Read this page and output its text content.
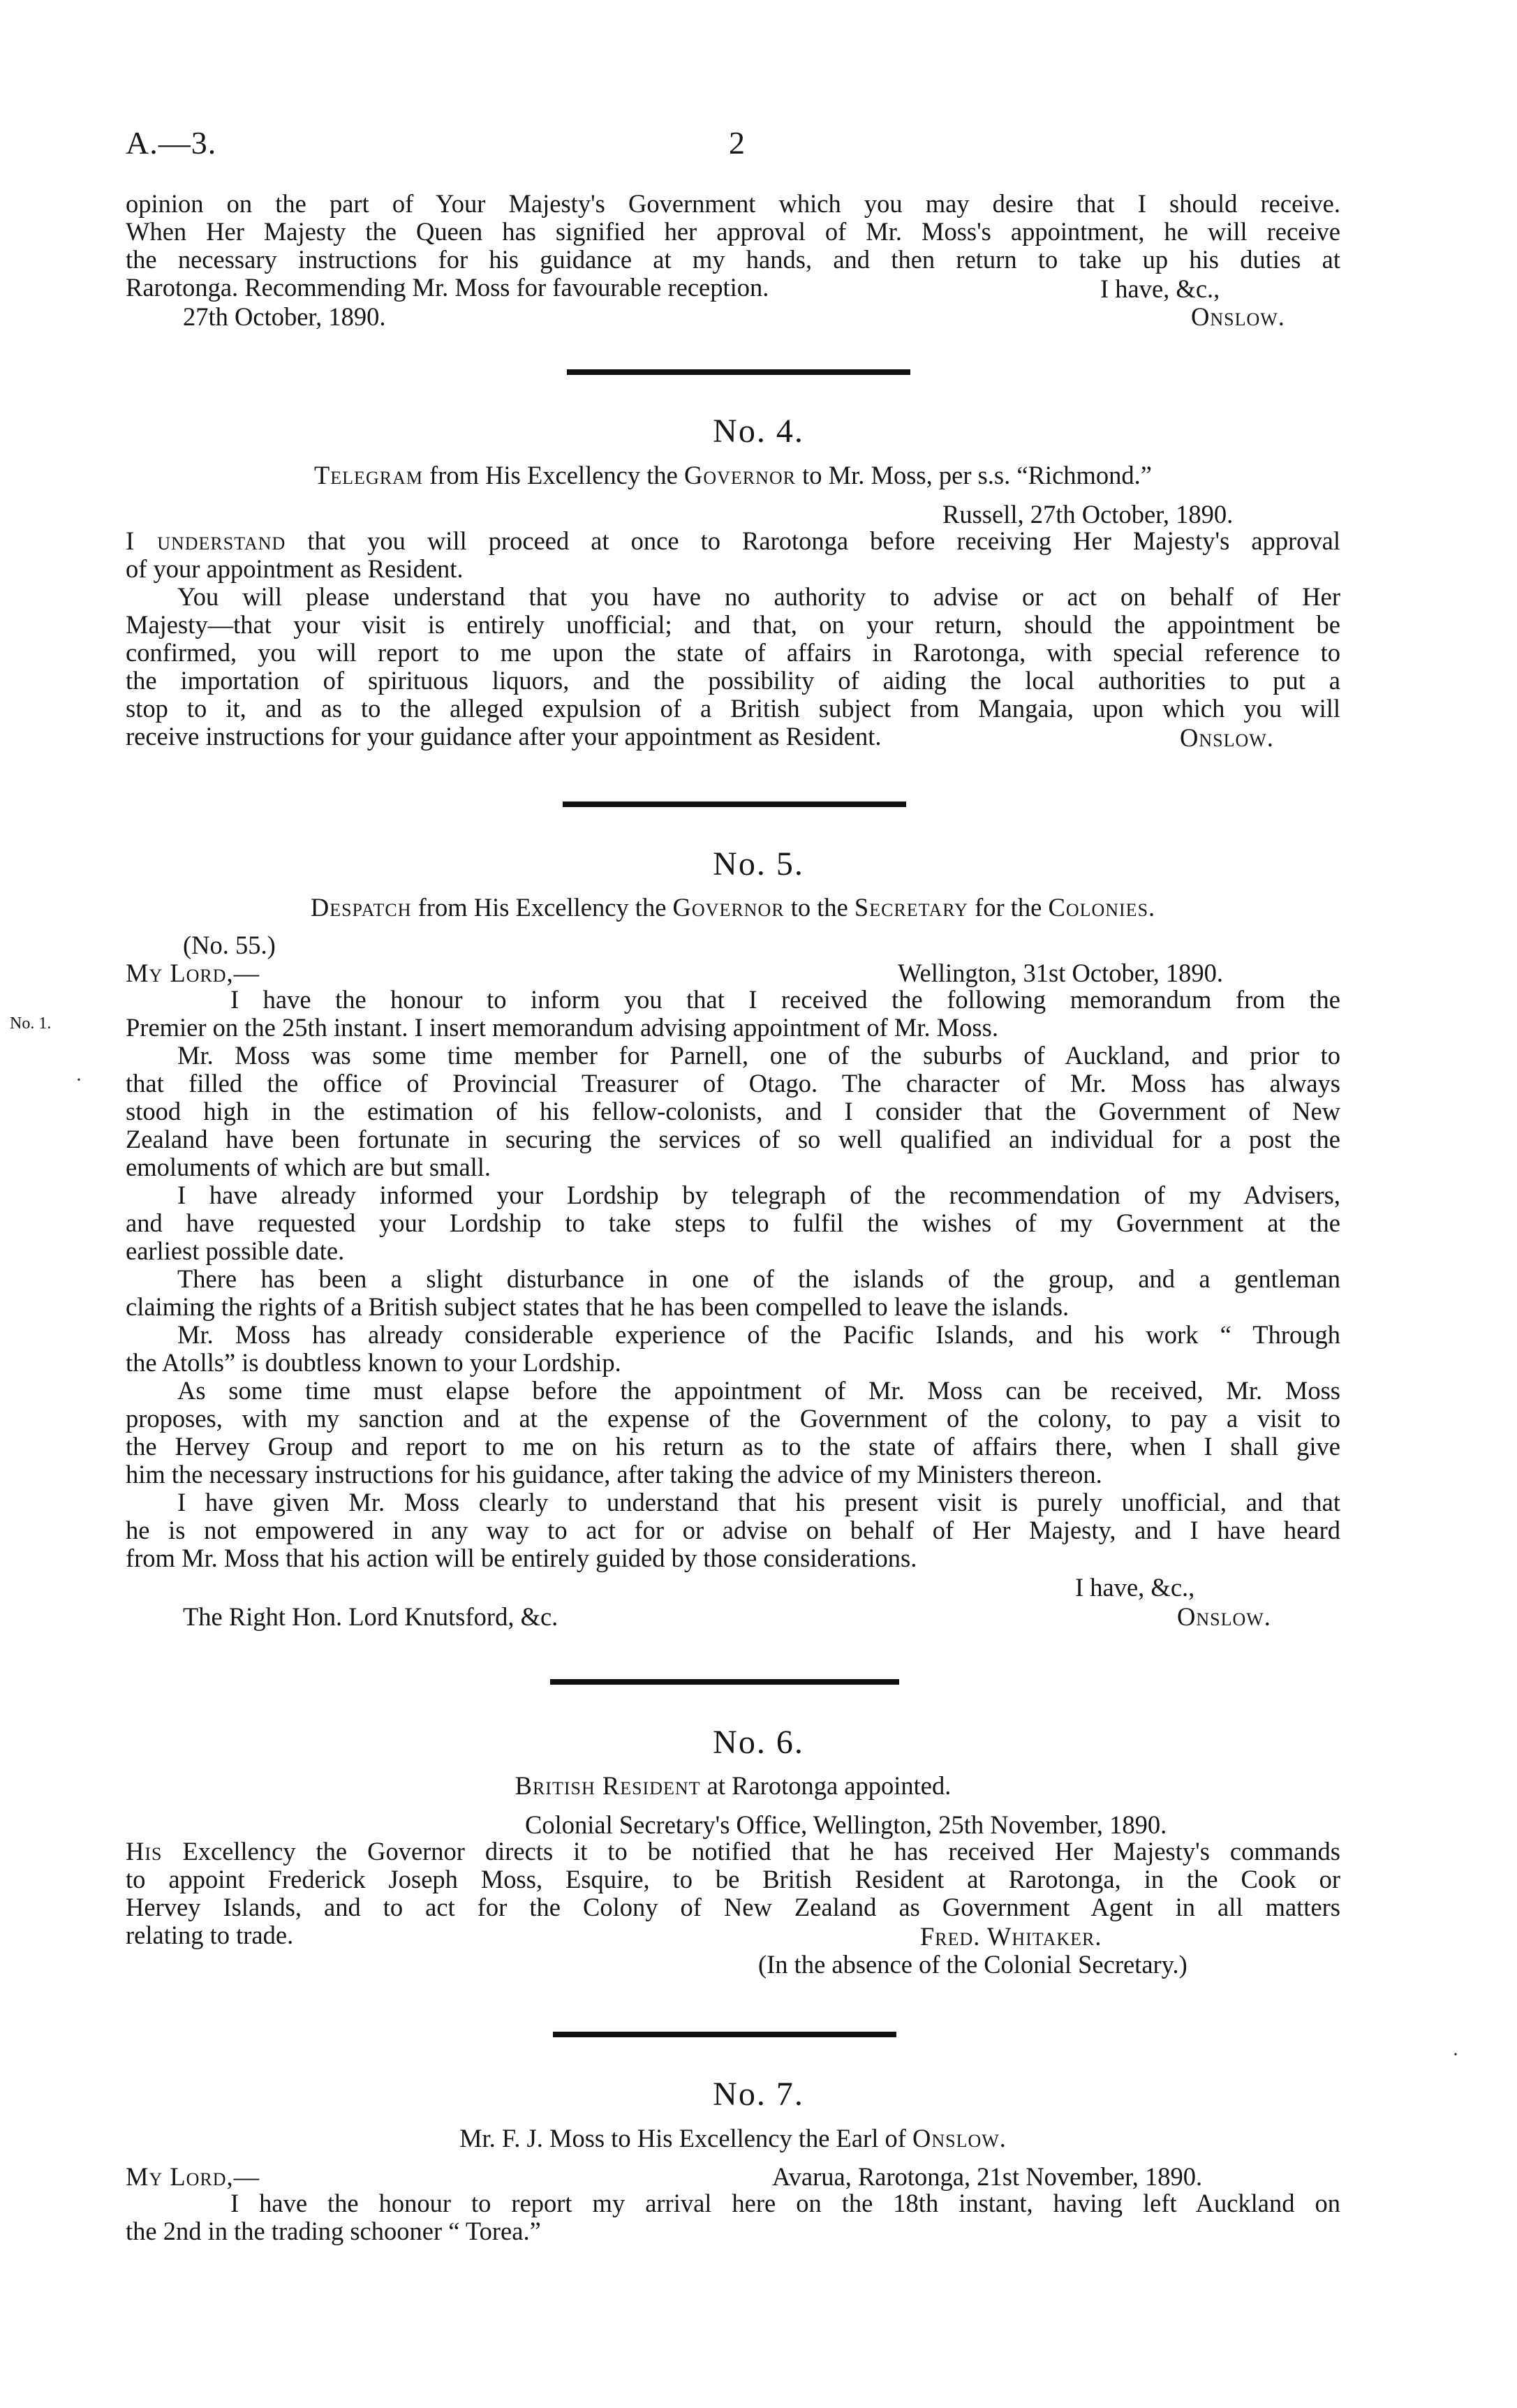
A.—3.	2
opinion on the part of Your Majesty's Government which you may desire that I should receive.
When Her Majesty the Queen has signified her approval of Mr. Moss's appointment, he will receive
the necessary instructions for his guidance at my hands, and then return to take up his duties at
Rarotonga. Recommending Mr. Moss for favourable reception.	I have, &c.,
27th October, 1890.	Onslow.
No. 4.
Telegram from His Excellency the Governor to Mr. Moss, per s.s. “Richmond.”
Russell, 27th October, 1890.
I understand that you will proceed at once to Rarotonga before receiving Her Majesty's approval
of your appointment as Resident.
You will please understand that you have no authority to advise or act on behalf of Her
Majesty—that your visit is entirely unofficial; and that, on your return, should the appointment be
confirmed, you will report to me upon the state of affairs in Rarotonga, with special reference to
the importation of spirituous liquors, and the possibility of aiding the local authorities to put a
stop to it, and as to the alleged expulsion of a British subject from Mangaia, upon which you will
receive instructions for your guidance after your appointment as Resident.	Onslow.
No. 5.
Despatch from His Excellency the Governor to the Secretary for the Colonies.
(No. 55.)
My Lord,—	Wellington, 31st October, 1890.
No. 1.
·
I have the honour to inform you that I received the following memorandum from the
Premier on the 25th instant. I insert memorandum advising appointment of Mr. Moss.
Mr. Moss was some time member for Parnell, one of the suburbs of Auckland, and prior to
that filled the office of Provincial Treasurer of Otago. The character of Mr. Moss has always
stood high in the estimation of his fellow-colonists, and I consider that the Government of New
Zealand have been fortunate in securing the services of so well qualified an individual for a post the
emoluments of which are but small.
I have already informed your Lordship by telegraph of the recommendation of my Advisers,
and have requested your Lordship to take steps to fulfil the wishes of my Government at the
earliest possible date.
There has been a slight disturbance in one of the islands of the group, and a gentleman
claiming the rights of a British subject states that he has been compelled to leave the islands.
Mr. Moss has already considerable experience of the Pacific Islands, and his work “ Through
the Atolls” is doubtless known to your Lordship.
As some time must elapse before the appointment of Mr. Moss can be received, Mr. Moss
proposes, with my sanction and at the expense of the Government of the colony, to pay a visit to
the Hervey Group and report to me on his return as to the state of affairs there, when I shall give
him the necessary instructions for his guidance, after taking the advice of my Ministers thereon.
I have given Mr. Moss clearly to understand that his present visit is purely unofficial, and that
he is not empowered in any way to act for or advise on behalf of Her Majesty, and I have heard
from Mr. Moss that his action will be entirely guided by those considerations.
I have, &c.,
The Right Hon. Lord Knutsford, &c.	Onslow.
No. 6.
British Resident at Rarotonga appointed.
Colonial Secretary's Office, Wellington, 25th November, 1890.
His Excellency the Governor directs it to be notified that he has received Her Majesty's commands
to appoint Frederick Joseph Moss, Esquire, to be British Resident at Rarotonga, in the Cook or
Hervey Islands, and to act for the Colony of New Zealand as Government Agent in all matters
relating to trade.	Fred. Whitaker.
(In the absence of the Colonial Secretary.)
·
No. 7.
Mr. F. J. Moss to His Excellency the Earl of Onslow.
My Lord,—	Avarua, Rarotonga, 21st November, 1890.
I have the honour to report my arrival here on the 18th instant, having left Auckland on
the 2nd in the trading schooner “ Torea.”
